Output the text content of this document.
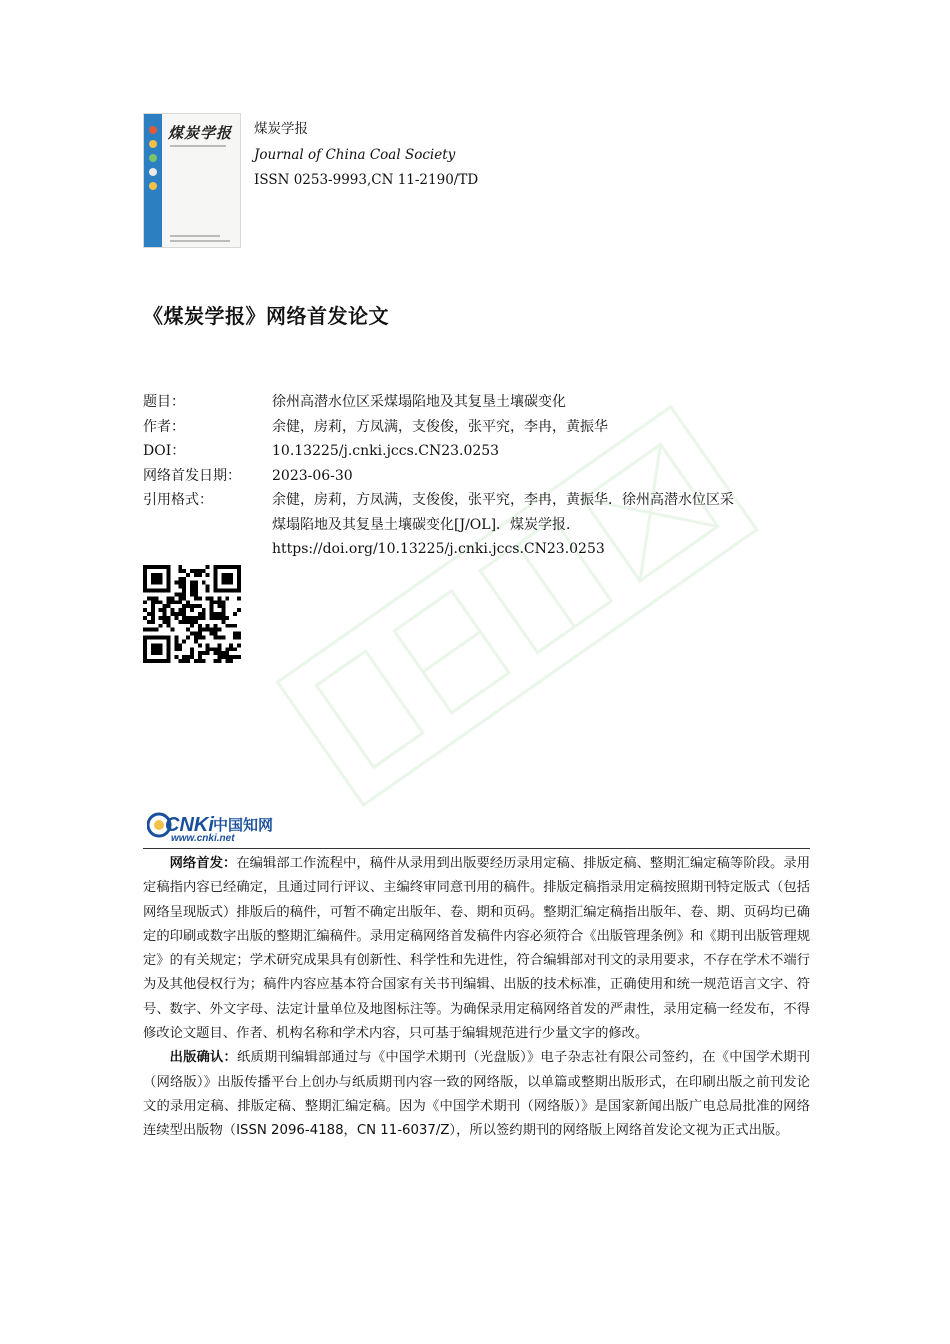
煤炭学报 煤炭学报
Journal of China Coal Society
ISSN 0253-9993,CN 11-2190/TD
《煤炭学报》网络首发论文
题目：	徐州高潜水位区采煤塌陷地及其复垦土壤碳变化
作者：	余健，房莉，方凤满，支俊俊，张平究，李冉，黄振华
DOI：	10.13225/j.cnki.jccs.CN23.0253
网络首发日期：	2023-06-30
引用格式：	余健，房莉，方凤满，支俊俊，张平究，李冉，黄振华．徐州高潜水位区采
煤塌陷地及其复垦土壤碳变化[J/OL]．煤炭学报.
https://doi.org/10.13225/j.cnki.jccs.CN23.0253
CNKi 中国知网
www.cnki.net

网络首发：在编辑部工作流程中，稿件从录用到出版要经历录用定稿、排版定稿、整期汇编定稿等阶段。录用定稿指内容已经确定，且通过同行评议、主编终审同意刊用的稿件。排版定稿指录用定稿按照期刊特定版式（包括网络呈现版式）排版后的稿件，可暂不确定出版年、卷、期和页码。整期汇编定稿指出版年、卷、期、页码均已确定的印刷或数字出版的整期汇编稿件。录用定稿网络首发稿件内容必须符合《出版管理条例》和《期刊出版管理规定》的有关规定；学术研究成果具有创新性、科学性和先进性，符合编辑部对刊文的录用要求，不存在学术不端行为及其他侵权行为；稿件内容应基本符合国家有关书刊编辑、出版的技术标准，正确使用和统一规范语言文字、符号、数字、外文字母、法定计量单位及地图标注等。为确保录用定稿网络首发的严肃性，录用定稿一经发布，不得修改论文题目、作者、机构名称和学术内容，只可基于编辑规范进行少量文字的修改。

出版确认：纸质期刊编辑部通过与《中国学术期刊（光盘版）》电子杂志社有限公司签约，在《中国学术期刊（网络版）》出版传播平台上创办与纸质期刊内容一致的网络版，以单篇或整期出版形式，在印刷出版之前刊发论文的录用定稿、排版定稿、整期汇编定稿。因为《中国学术期刊（网络版）》是国家新闻出版广电总局批准的网络连续型出版物（ISSN 2096-4188，CN 11-6037/Z），所以签约期刊的网络版上网络首发论文视为正式出版。
